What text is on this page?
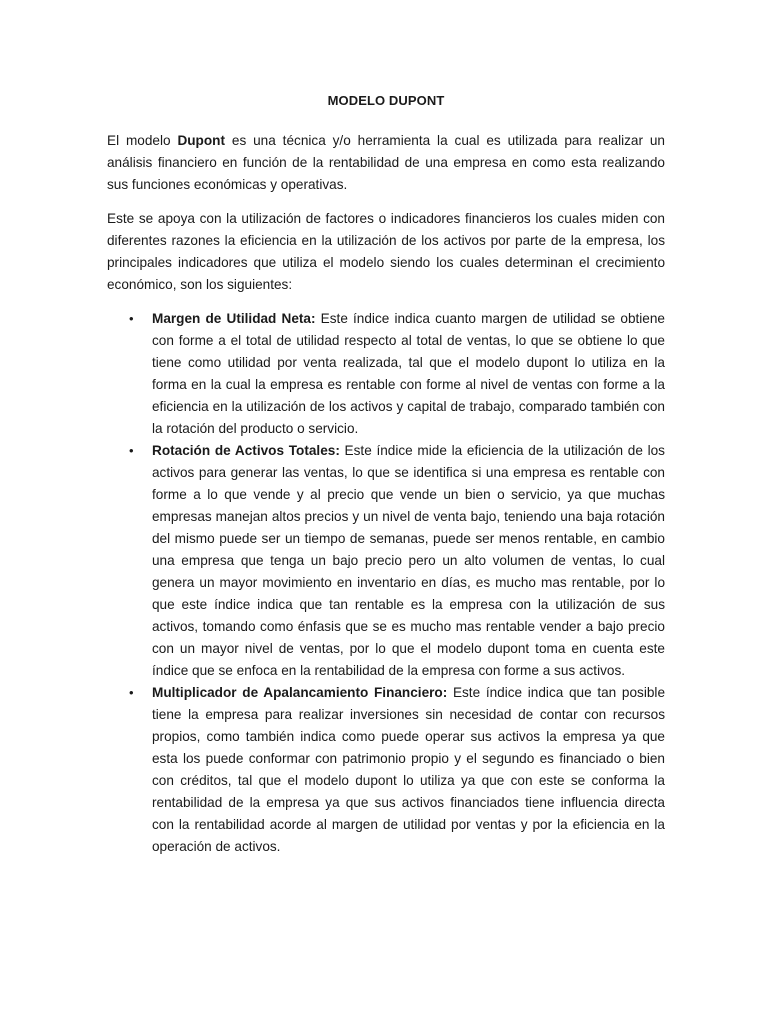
MODELO DUPONT

El modelo Dupont es una técnica y/o herramienta la cual es utilizada para realizar un análisis financiero en función de la rentabilidad de una empresa en como esta realizando sus funciones económicas y operativas.

Este se apoya con la utilización de factores o indicadores financieros los cuales miden con diferentes razones la eficiencia en la utilización de los activos por parte de la empresa, los principales indicadores que utiliza el modelo siendo los cuales determinan el crecimiento económico, son los siguientes:

• Margen de Utilidad Neta: Este índice indica cuanto margen de utilidad se obtiene con forme a el total de utilidad respecto al total de ventas, lo que se obtiene lo que tiene como utilidad por venta realizada, tal que el modelo dupont lo utiliza en la forma en la cual la empresa es rentable con forme al nivel de ventas con forme a la eficiencia en la utilización de los activos y capital de trabajo, comparado también con la rotación del producto o servicio.
• Rotación de Activos Totales: Este índice mide la eficiencia de la utilización de los activos para generar las ventas, lo que se identifica si una empresa es rentable con forme a lo que vende y al precio que vende un bien o servicio, ya que muchas empresas manejan altos precios y un nivel de venta bajo, teniendo una baja rotación del mismo puede ser un tiempo de semanas, puede ser menos rentable, en cambio una empresa que tenga un bajo precio pero un alto volumen de ventas, lo cual genera un mayor movimiento en inventario en días, es mucho mas rentable, por lo que este índice indica que tan rentable es la empresa con la utilización de sus activos, tomando como énfasis que se es mucho mas rentable vender a bajo precio con un mayor nivel de ventas, por lo que el modelo dupont toma en cuenta este índice que se enfoca en la rentabilidad de la empresa con forme a sus activos.
• Multiplicador de Apalancamiento Financiero: Este índice indica que tan posible tiene la empresa para realizar inversiones sin necesidad de contar con recursos propios, como también indica como puede operar sus activos la empresa ya que esta los puede conformar con patrimonio propio y el segundo es financiado o bien con créditos, tal que el modelo dupont lo utiliza ya que con este se conforma la rentabilidad de la empresa ya que sus activos financiados tiene influencia directa con la rentabilidad acorde al margen de utilidad por ventas y por la eficiencia en la operación de activos.
